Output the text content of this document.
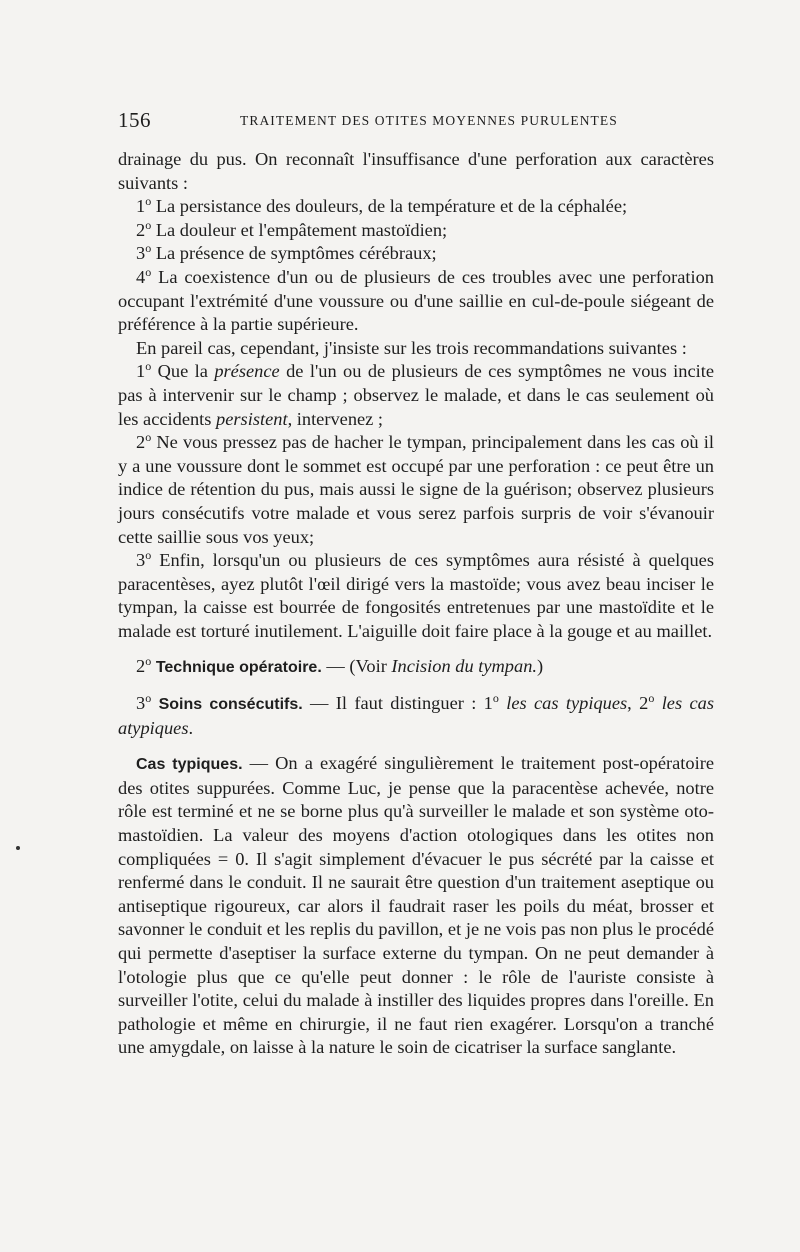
156	TRAITEMENT DES OTITES MOYENNES PURULENTES

drainage du pus. On reconnaît l'insuffisance d'une perforation aux caractères suivants :

1$^o$ La persistance des douleurs, de la température et de la céphalée;

2$^o$ La douleur et l'empâtement mastoïdien;

3$^o$ La présence de symptômes cérébraux;

4$^o$ La coexistence d'un ou de plusieurs de ces troubles avec une perforation occupant l'extrémité d'une voussure ou d'une saillie en cul-de-poule siégeant de préférence à la partie supérieure.

En pareil cas, cependant, j'insiste sur les trois recommandations suivantes :

1$^o$ Que la présence de l'un ou de plusieurs de ces symptômes ne vous incite pas à intervenir sur le champ ; observez le malade, et dans le cas seulement où les accidents persistent, intervenez ;

2$^o$ Ne vous pressez pas de hacher le tympan, principalement dans les cas où il y a une voussure dont le sommet est occupé par une perforation : ce peut être un indice de rétention du pus, mais aussi le signe de la guérison; observez plusieurs jours consécutifs votre malade et vous serez parfois surpris de voir s'évanouir cette saillie sous vos yeux;

3$^o$ Enfin, lorsqu'un ou plusieurs de ces symptômes aura résisté à quelques paracentèses, ayez plutôt l'œil dirigé vers la mastoïde; vous avez beau inciser le tympan, la caisse est bourrée de fongosités entretenues par une mastoïdite et le malade est torturé inutilement. L'aiguille doit faire place à la gouge et au maillet.

2$^o$ Technique opératoire. — (Voir Incision du tympan.)

3$^o$ Soins consécutifs. — Il faut distinguer : 1$^o$ les cas typiques, 2$^o$ les cas atypiques.

Cas typiques. — On a exagéré singulièrement le traitement post-opératoire des otites suppurées. Comme Luc, je pense que la paracentèse achevée, notre rôle est terminé et ne se borne plus qu'à surveiller le malade et son système oto-mastoïdien. La valeur des moyens d'action otologiques dans les otites non compliquées = 0. Il s'agit simplement d'évacuer le pus sécrété par la caisse et renfermé dans le conduit. Il ne saurait être question d'un traitement aseptique ou antiseptique rigoureux, car alors il faudrait raser les poils du méat, brosser et savonner le conduit et les replis du pavillon, et je ne vois pas non plus le procédé qui permette d'aseptiser la surface externe du tympan. On ne peut demander à l'otologie plus que ce qu'elle peut donner : le rôle de l'auriste consiste à surveiller l'otite, celui du malade à instiller des liquides propres dans l'oreille. En pathologie et même en chirurgie, il ne faut rien exagérer. Lorsqu'on a tranché une amygdale, on laisse à la nature le soin de cicatriser la surface sanglante.
